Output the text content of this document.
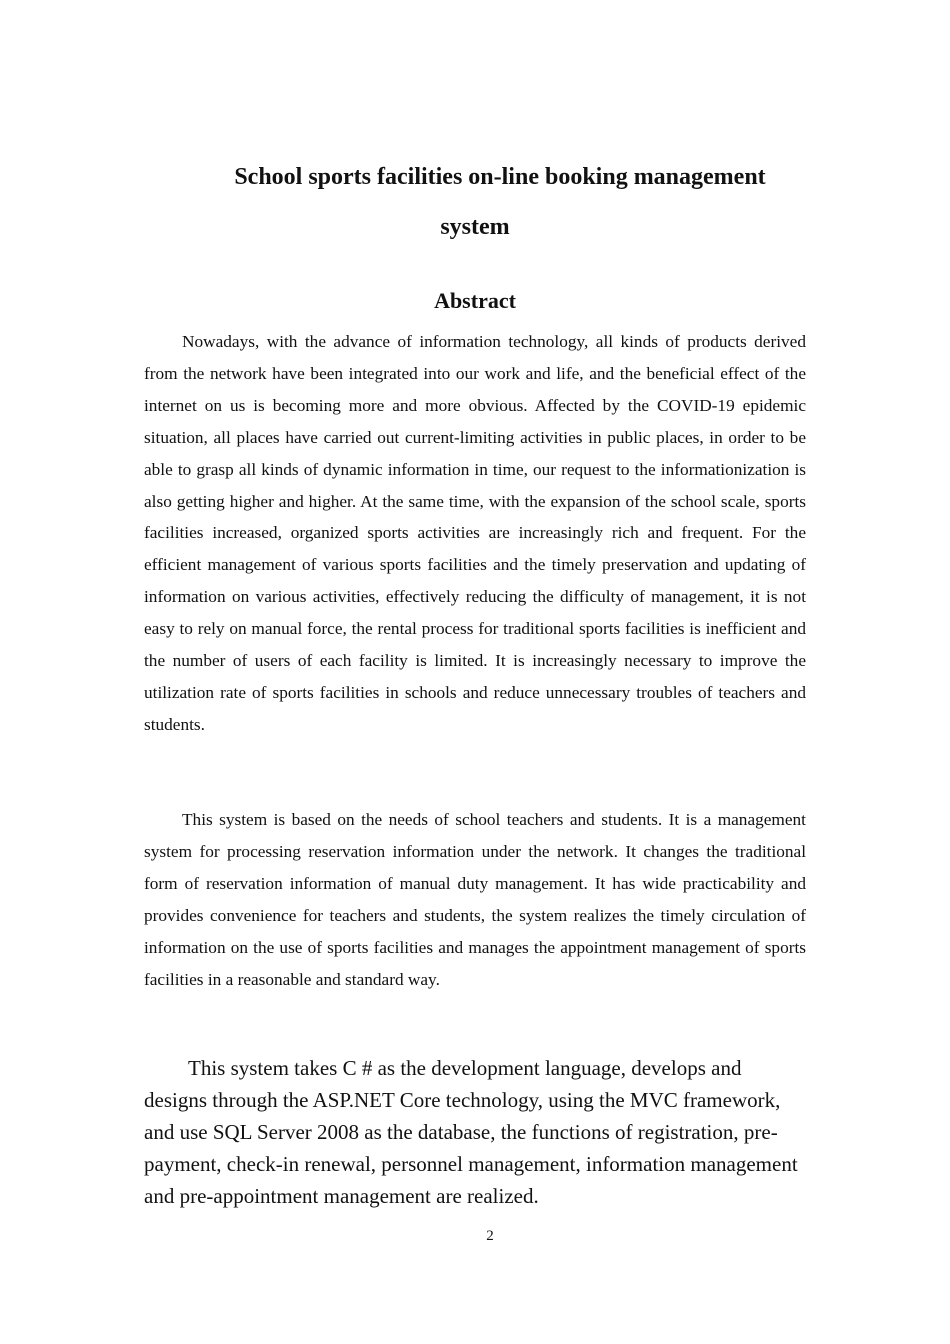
School sports facilities on-line booking management
system
Abstract

Nowadays, with the advance of information technology, all kinds of products derived from the network have been integrated into our work and life, and the beneficial effect of the internet on us is becoming more and more obvious. Affected by the COVID-19 epidemic situation, all places have carried out current-limiting activities in public places, in order to be able to grasp all kinds of dynamic information in time, our request to the informationization is also getting higher and higher. At the same time, with the expansion of the school scale, sports facilities increased, organized sports activities are increasingly rich and frequent. For the efficient management of various sports facilities and the timely preservation and updating of information on various activities, effectively reducing the difficulty of management, it is not easy to rely on manual force, the rental process for traditional sports facilities is inefficient and the number of users of each facility is limited. It is increasingly necessary to improve the utilization rate of sports facilities in schools and reduce unnecessary troubles of teachers and students.

This system is based on the needs of school teachers and students. It is a management system for processing reservation information under the network. It changes the traditional form of reservation information of manual duty management. It has wide practicability and provides convenience for teachers and students, the system realizes the timely circulation of information on the use of sports facilities and manages the appointment management of sports facilities in a reasonable and standard way.

This system takes C # as the development language, develops and designs through the ASP.NET Core technology, using the MVC framework, and use SQL Server 2008 as the database, the functions of registration, pre-payment, check-in renewal, personnel management, information management and pre-appointment management are realized.

2
